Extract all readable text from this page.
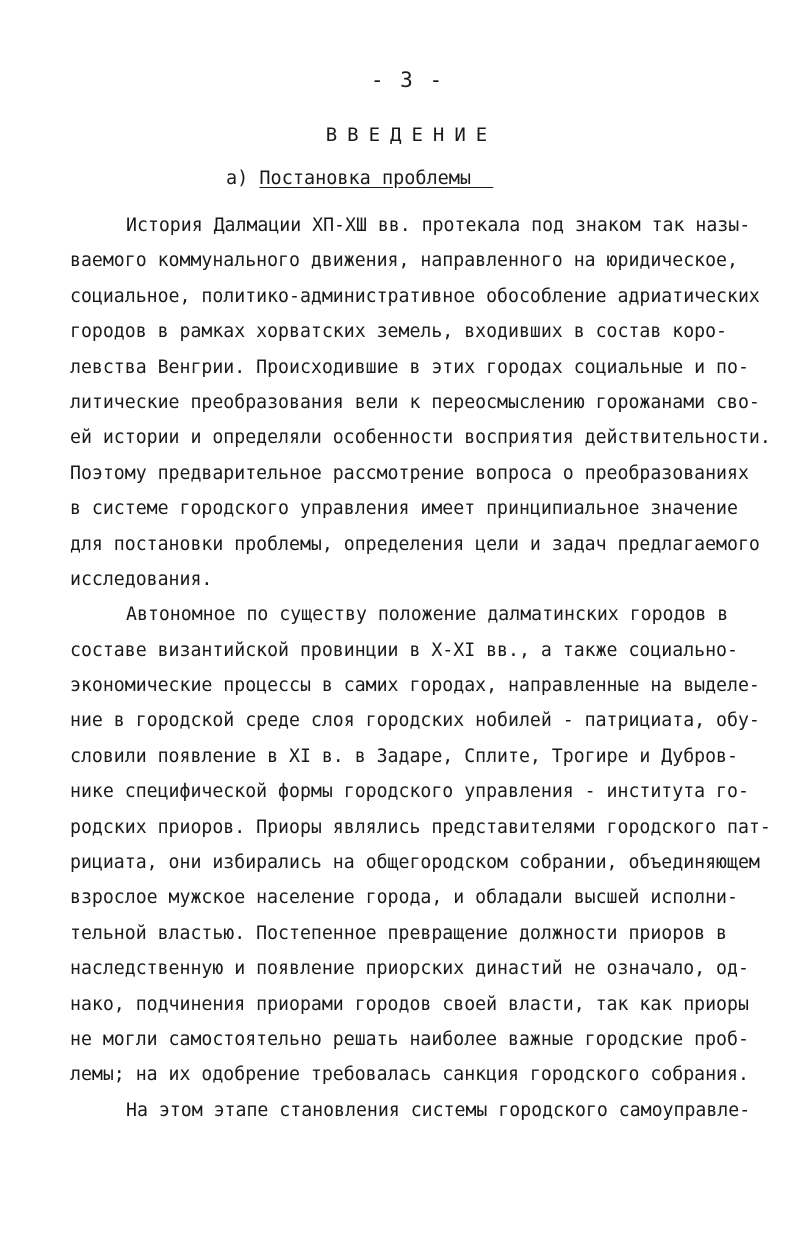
- 3 -
ВВЕДЕНИЕ
а) Постановка проблемы
История Далмации ХП-ХШ вв. протекала под знаком так назы-
ваемого коммунального движения, направленного на юридическое,
социальное, политико-административное обособление адриатических
городов в рамках хорватских земель, входивших в состав коро-
левства Венгрии. Происходившие в этих городах социальные и по-
литические преобразования вели к переосмыслению горожанами сво-
ей истории и определяли особенности восприятия действительности.
Поэтому предварительное рассмотрение вопроса о преобразованиях
в системе городского управления имеет принципиальное значение
для постановки проблемы, определения цели и задач предлагаемого
исследования.
Автономное по существу положение далматинских городов в
составе византийской провинции в X-XI вв., а также социально-
экономические процессы в самих городах, направленные на выделе-
ние в городской среде слоя городских нобилей - патрициата, обу-
словили появление в XI в. в Задаре, Сплите, Трогире и Дубров-
нике специфической формы городского управления - института го-
родских приоров. Приоры являлись представителями городского пат-
рициата, они избирались на общегородском собрании, объединяющем
взрослое мужское население города, и обладали высшей исполни-
тельной властью. Постепенное превращение должности приоров в
наследственную и появление приорских династий не означало, од-
нако, подчинения приорами городов своей власти, так как приоры
не могли самостоятельно решать наиболее важные городские проб-
лемы; на их одобрение требовалась санкция городского собрания.
На этом этапе становления системы городского самоуправле-
